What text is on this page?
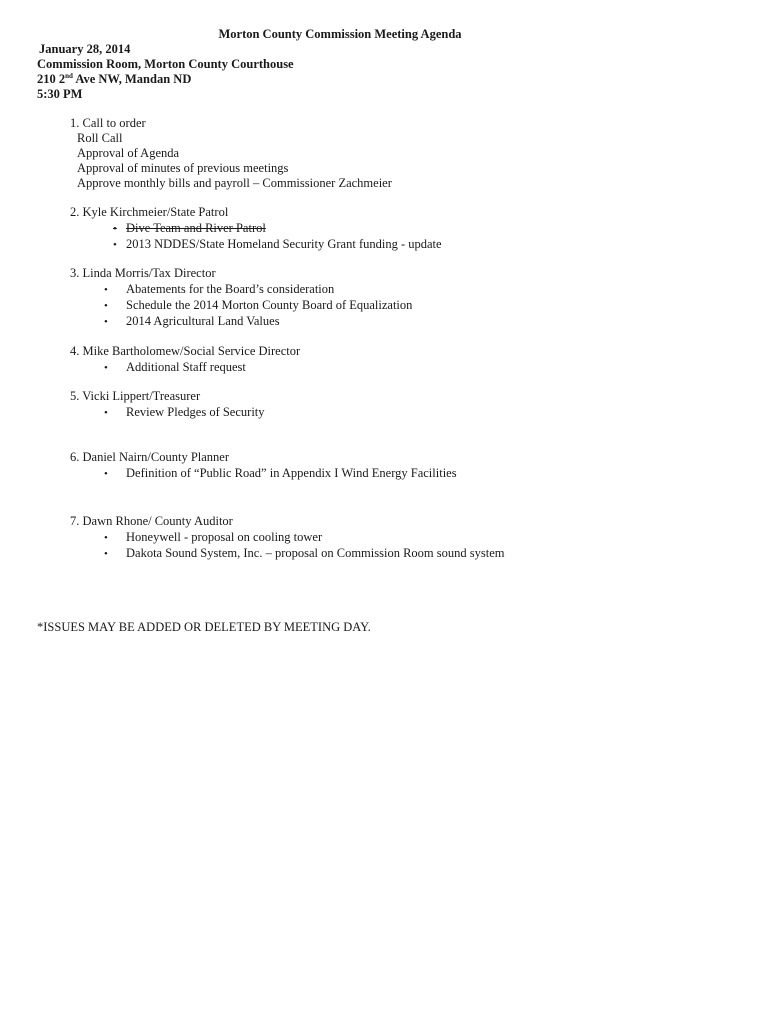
Morton County Commission Meeting Agenda
January 28, 2014
Commission Room, Morton County Courthouse
210 2nd Ave NW, Mandan ND
5:30 PM
1. Call to order
Roll Call
Approval of Agenda
Approval of minutes of previous meetings
Approve monthly bills and payroll – Commissioner Zachmeier
2. Kyle Kirchmeier/State Patrol
• Dive Team and River Patrol
• 2013 NDDES/State Homeland Security Grant funding - update
3. Linda Morris/Tax Director
• Abatements for the Board’s consideration
• Schedule the 2014 Morton County Board of Equalization
• 2014 Agricultural Land Values
4. Mike Bartholomew/Social Service Director
• Additional Staff request
5. Vicki Lippert/Treasurer
• Review Pledges of Security
6. Daniel Nairn/County Planner
• Definition of “Public Road” in Appendix I Wind Energy Facilities
7. Dawn Rhone/ County Auditor
• Honeywell - proposal on cooling tower
• Dakota Sound System, Inc. – proposal on Commission Room sound system
*ISSUES MAY BE ADDED OR DELETED BY MEETING DAY.
